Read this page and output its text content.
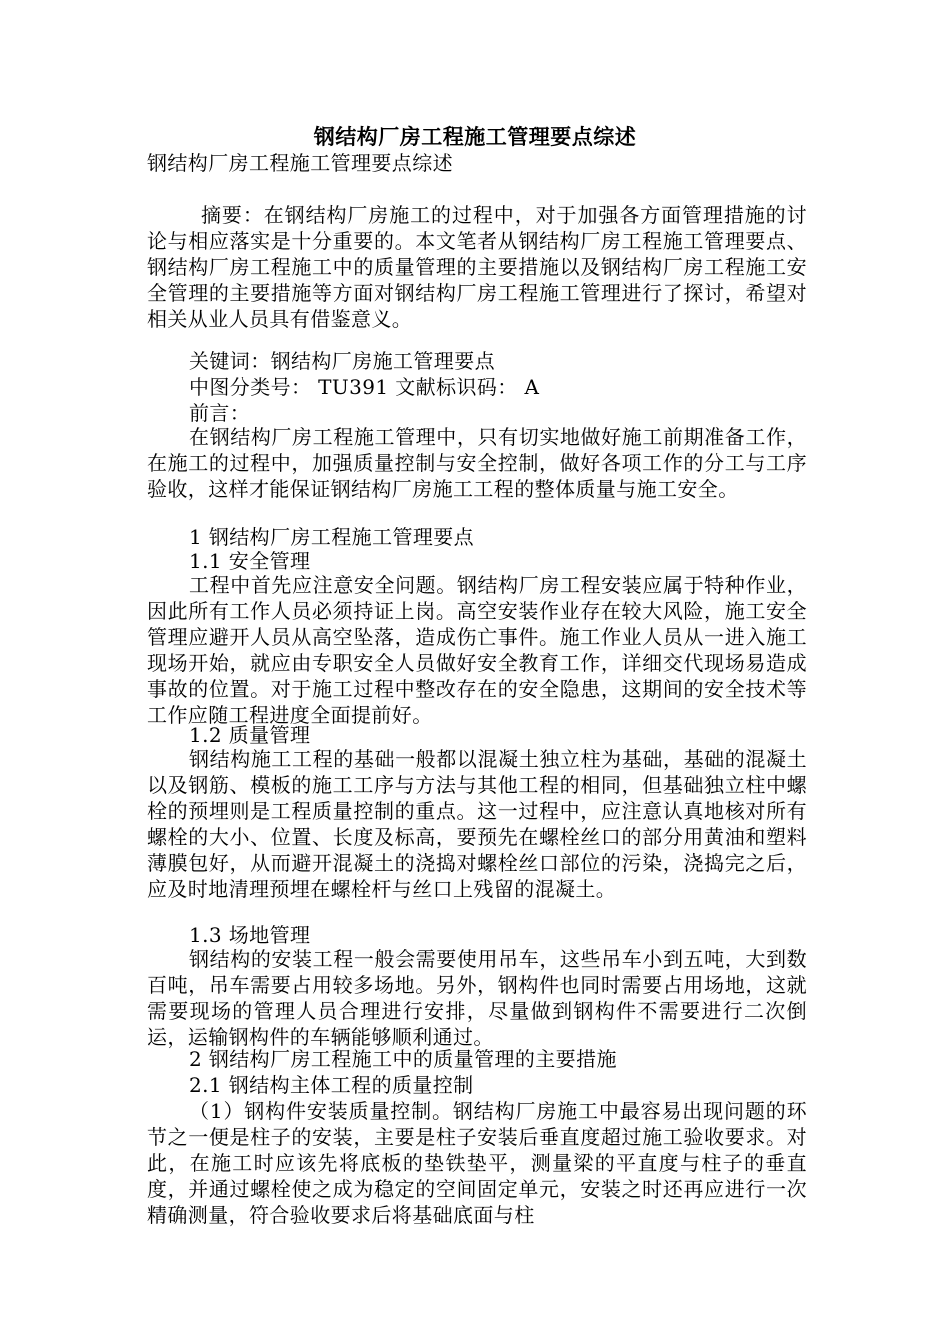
钢结构厂房工程施工管理要点综述
钢结构厂房工程施工管理要点综述
摘要：在钢结构厂房施工的过程中，对于加强各方面管理措施的讨论与相应落实是十分重要的。本文笔者从钢结构厂房工程施工管理要点、钢结构厂房工程施工中的质量管理的主要措施以及钢结构厂房工程施工安全管理的主要措施等方面对钢结构厂房工程施工管理进行了探讨，希望对相关从业人员具有借鉴意义。
关键词：钢结构厂房施工管理要点
中图分类号： TU391 文献标识码： A
前言：
在钢结构厂房工程施工管理中，只有切实地做好施工前期准备工作，在施工的过程中，加强质量控制与安全控制，做好各项工作的分工与工序验收，这样才能保证钢结构厂房施工工程的整体质量与施工安全。
1 钢结构厂房工程施工管理要点
1.1 安全管理
工程中首先应注意安全问题。钢结构厂房工程安装应属于特种作业，因此所有工作人员必须持证上岗。高空安装作业存在较大风险，施工安全管理应避开人员从高空坠落，造成伤亡事件。施工作业人员从一进入施工现场开始，就应由专职安全人员做好安全教育工作，详细交代现场易造成事故的位置。对于施工过程中整改存在的安全隐患，这期间的安全技术等工作应随工程进度全面提前好。
1.2 质量管理
钢结构施工工程的基础一般都以混凝土独立柱为基础，基础的混凝土以及钢筋、模板的施工工序与方法与其他工程的相同，但基础独立柱中螺栓的预埋则是工程质量控制的重点。这一过程中，应注意认真地核对所有螺栓的大小、位置、长度及标高，要预先在螺栓丝口的部分用黄油和塑料薄膜包好，从而避开混凝土的浇捣对螺栓丝口部位的污染，浇捣完之后，应及时地清理预埋在螺栓杆与丝口上残留的混凝土。
1.3 场地管理
钢结构的安装工程一般会需要使用吊车，这些吊车小到五吨，大到数百吨，吊车需要占用较多场地。另外，钢构件也同时需要占用场地，这就需要现场的管理人员合理进行安排，尽量做到钢构件不需要进行二次倒运，运输钢构件的车辆能够顺利通过。
2 钢结构厂房工程施工中的质量管理的主要措施
2.1 钢结构主体工程的质量控制
（1）钢构件安装质量控制。钢结构厂房施工中最容易出现问题的环节之一便是柱子的安装，主要是柱子安装后垂直度超过施工验收要求。对此，在施工时应该先将底板的垫铁垫平，测量梁的平直度与柱子的垂直度，并通过螺栓使之成为稳定的空间固定单元，安装之时还再应进行一次精确测量，符合验收要求后将基础底面与柱
